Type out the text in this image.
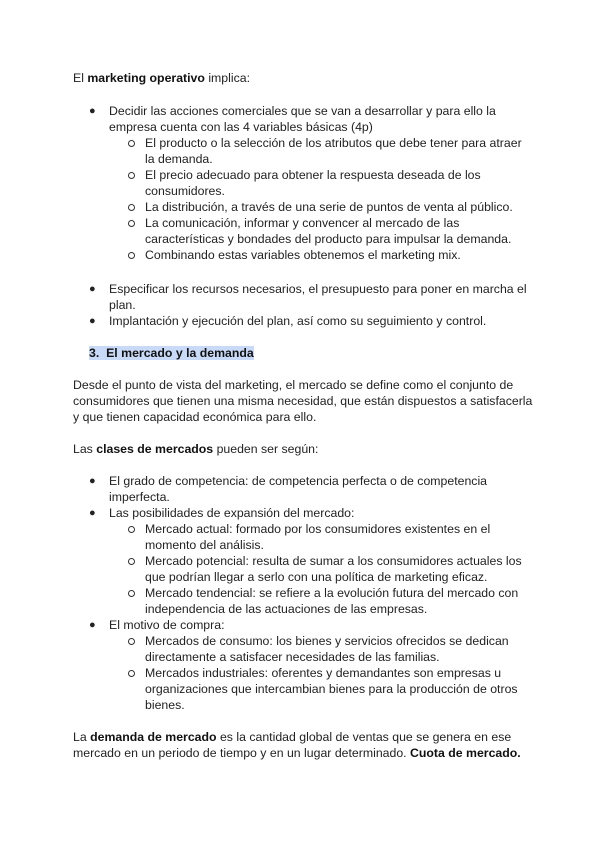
El marketing operativo implica:

● Decidir las acciones comerciales que se van a desarrollar y para ello la

empresa cuenta con las 4 variables básicas (4p)

El producto o la selección de los atributos que debe tener para atraer

la demanda.

El precio adecuado para obtener la respuesta deseada de los

consumidores.

La distribución, a través de una serie de puntos de venta al público.

La comunicación, informar y convencer al mercado de las

características y bondades del producto para impulsar la demanda.

Combinando estas variables obtenemos el marketing mix.

● Especificar los recursos necesarios, el presupuesto para poner en marcha el

plan.

● Implantación y ejecución del plan, así como su seguimiento y control.

3. El mercado y la demanda

Desde el punto de vista del marketing, el mercado se define como el conjunto de

consumidores que tienen una misma necesidad, que están dispuestos a satisfacerla

y que tienen capacidad económica para ello.

Las clases de mercados pueden ser según:

● El grado de competencia: de competencia perfecta o de competencia

imperfecta.

● Las posibilidades de expansión del mercado:

Mercado actual: formado por los consumidores existentes en el

momento del análisis.

Mercado potencial: resulta de sumar a los consumidores actuales los

que podrían llegar a serlo con una política de marketing eficaz.

Mercado tendencial: se refiere a la evolución futura del mercado con

independencia de las actuaciones de las empresas.

● El motivo de compra:

Mercados de consumo: los bienes y servicios ofrecidos se dedican

directamente a satisfacer necesidades de las familias.

Mercados industriales: oferentes y demandantes son empresas u

organizaciones que intercambian bienes para la producción de otros

bienes.

La demanda de mercado es la cantidad global de ventas que se genera en ese

mercado en un periodo de tiempo y en un lugar determinado. Cuota de mercado.
